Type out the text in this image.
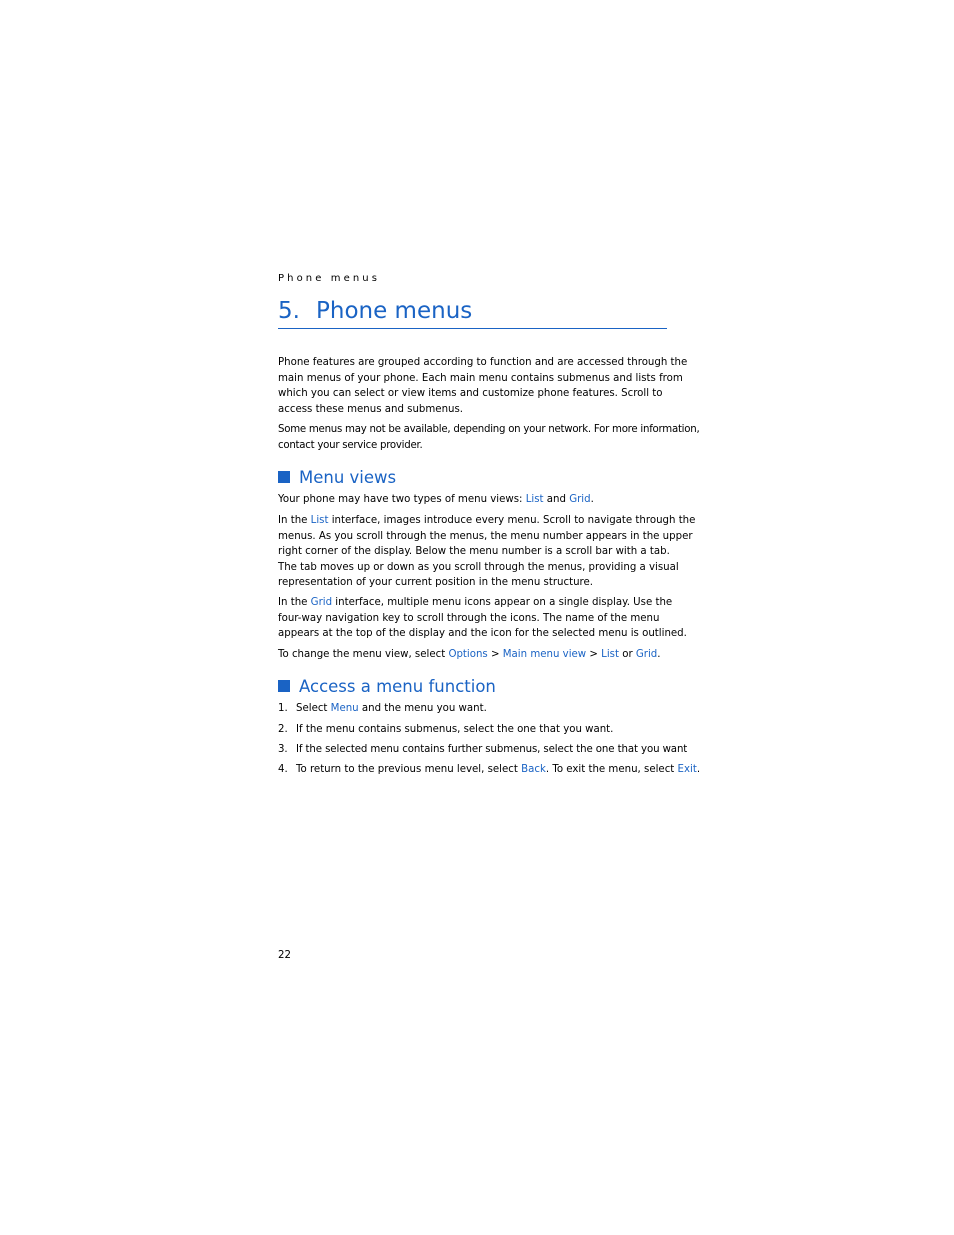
Phone menus
5. Phone menus
Phone features are grouped according to function and are accessed through the
main menus of your phone. Each main menu contains submenus and lists from
which you can select or view items and customize phone features. Scroll to
access these menus and submenus.
Some menus may not be available, depending on your network. For more information,
contact your service provider.
Menu views
Your phone may have two types of menu views: List and Grid.
In the List interface, images introduce every menu. Scroll to navigate through the
menus. As you scroll through the menus, the menu number appears in the upper
right corner of the display. Below the menu number is a scroll bar with a tab.
The tab moves up or down as you scroll through the menus, providing a visual
representation of your current position in the menu structure.
In the Grid interface, multiple menu icons appear on a single display. Use the
four-way navigation key to scroll through the icons. The name of the menu
appears at the top of the display and the icon for the selected menu is outlined.
To change the menu view, select Options > Main menu view > List or Grid.
Access a menu function
1. Select Menu and the menu you want.
2. If the menu contains submenus, select the one that you want.
3. If the selected menu contains further submenus, select the one that you want
4. To return to the previous menu level, select Back. To exit the menu, select Exit.
22
